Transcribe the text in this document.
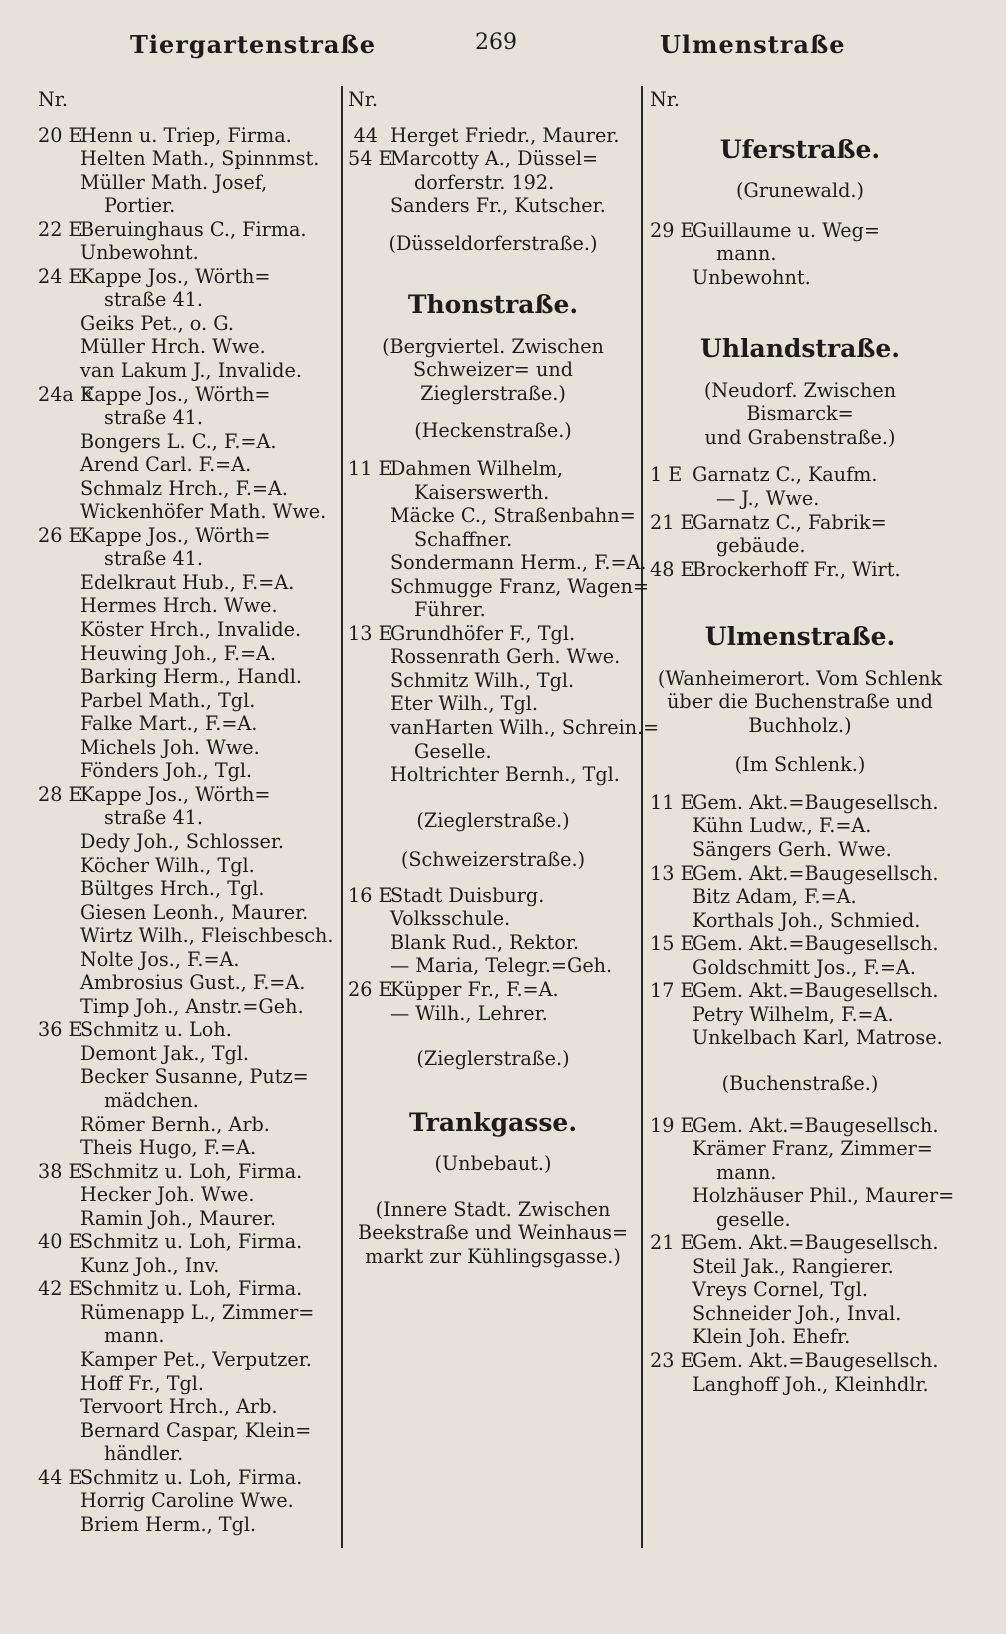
Tiergartenstraße	269	Ulmenstraße
Nr.
20 E
Henn u. Triep, Firma.
Helten Math., Spinnmst.
Müller Math. Josef,
Portier.
22 E
Beruinghaus C., Firma.
Unbewohnt.
24 E
Kappe Jos., Wörth=
straße 41.
Geiks Pet., o. G.
Müller Hrch. Wwe.
van Lakum J., Invalide.
24a E
Kappe Jos., Wörth=
straße 41.
Bongers L. C., F.=A.
Arend Carl. F.=A.
Schmalz Hrch., F.=A.
Wickenhöfer Math. Wwe.
26 E
Kappe Jos., Wörth=
straße 41.
Edelkraut Hub., F.=A.
Hermes Hrch. Wwe.
Köster Hrch., Invalide.
Heuwing Joh., F.=A.
Barking Herm., Handl.
Parbel Math., Tgl.
Falke Mart., F.=A.
Michels Joh. Wwe.
Fönders Joh., Tgl.
28 E
Kappe Jos., Wörth=
straße 41.
Dedy Joh., Schlosser.
Köcher Wilh., Tgl.
Bültges Hrch., Tgl.
Giesen Leonh., Maurer.
Wirtz Wilh., Fleischbesch.
Nolte Jos., F.=A.
Ambrosius Gust., F.=A.
Timp Joh., Anstr.=Geh.
36 E
Schmitz u. Loh.
Demont Jak., Tgl.
Becker Susanne, Putz=
mädchen.
Römer Bernh., Arb.
Theis Hugo, F.=A.
38 E
Schmitz u. Loh, Firma.
Hecker Joh. Wwe.
Ramin Joh., Maurer.
40 E
Schmitz u. Loh, Firma.
Kunz Joh., Inv.
42 E
Schmitz u. Loh, Firma.
Rümenapp L., Zimmer=
mann.
Kamper Pet., Verputzer.
Hoff Fr., Tgl.
Tervoort Hrch., Arb.
Bernard Caspar, Klein=
händler.
44 E
Schmitz u. Loh, Firma.
Horrig Caroline Wwe.
Briem Herm., Tgl.
Nr.
44 Herget Friedr., Maurer.
54 E
Marcotty A., Düssel=
dorferstr. 192.
Sanders Fr., Kutscher.
(Düsseldorferstraße.)
Thonstraße.
(Bergviertel. Zwischen
Schweizer= und Zieglerstraße.)
(Heckenstraße.)
11 E
Dahmen Wilhelm,
Kaiserswerth.
Mäcke C., Straßenbahn=
Schaffner.
Sondermann Herm., F.=A.
Schmugge Franz, Wagen=
Führer.
13 E
Grundhöfer F., Tgl.
Rossenrath Gerh. Wwe.
Schmitz Wilh., Tgl.
Eter Wilh., Tgl.
vanHarten Wilh., Schrein.=
Geselle.
Holtrichter Bernh., Tgl.
(Zieglerstraße.)
(Schweizerstraße.)
16 E
Stadt Duisburg.
Volksschule.
Blank Rud., Rektor.
— Maria, Telegr.=Geh.
26 E
Küpper Fr., F.=A.
— Wilh., Lehrer.
(Zieglerstraße.)
Trankgasse.
(Unbebaut.)
(Innere Stadt. Zwischen
Beekstraße und Weinhaus=
markt zur Kühlingsgasse.)
Nr.
Uferstraße.
(Grunewald.)
29 E
Guillaume u. Weg=
mann.
Unbewohnt.
Uhlandstraße.
(Neudorf. Zwischen Bismarck=
und Grabenstraße.)
1 E Garnatz C., Kaufm.
— J., Wwe.
21 E
Garnatz C., Fabrik=
gebäude.
48 E
Brockerhoff Fr., Wirt.
Ulmenstraße.
(Wanheimerort. Vom Schlenk
über die Buchenstraße und
Buchholz.)
(Im Schlenk.)
11 E
Gem. Akt.=Baugesellsch.
Kühn Ludw., F.=A.
Sängers Gerh. Wwe.
13 E
Gem. Akt.=Baugesellsch.
Bitz Adam, F.=A.
Korthals Joh., Schmied.
15 E
Gem. Akt.=Baugesellsch.
Goldschmitt Jos., F.=A.
17 E
Gem. Akt.=Baugesellsch.
Petry Wilhelm, F.=A.
Unkelbach Karl, Matrose.
(Buchenstraße.)
19 E
Gem. Akt.=Baugesellsch.
Krämer Franz, Zimmer=
mann.
Holzhäuser Phil., Maurer=
geselle.
21 E
Gem. Akt.=Baugesellsch.
Steil Jak., Rangierer.
Vreys Cornel, Tgl.
Schneider Joh., Inval.
Klein Joh. Ehefr.
23 E
Gem. Akt.=Baugesellsch.
Langhoff Joh., Kleinhdlr.
